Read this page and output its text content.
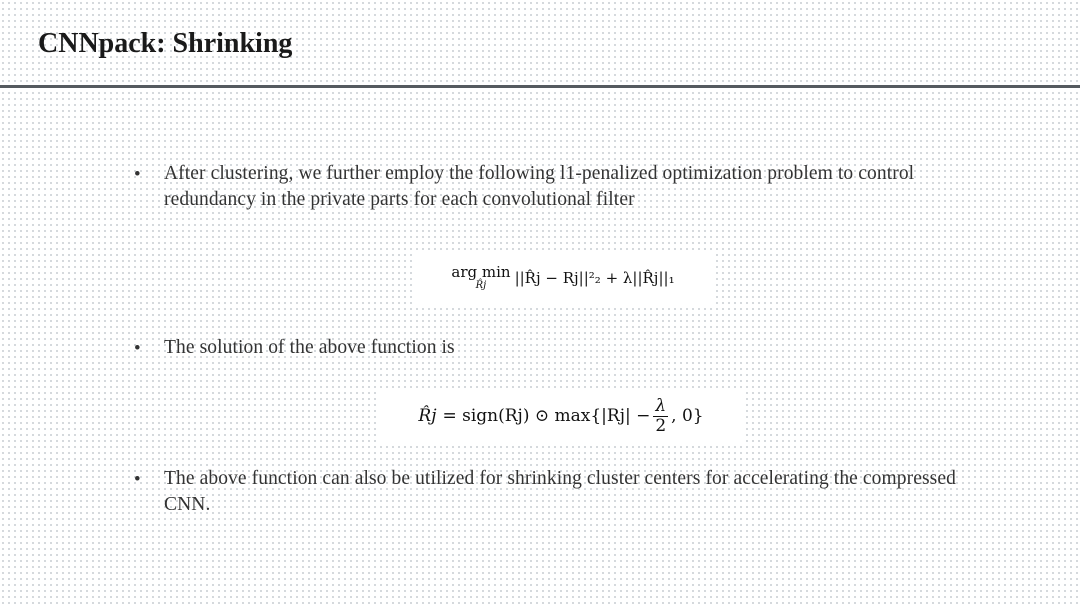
CNNpack: Shrinking
• After clustering, we further employ the following l1-penalized optimization problem to control redundancy in the private parts for each convolutional filter
arg min
R̂j ||R̂j − Rj||²₂ + λ||R̂j||₁
• The solution of the above function is
R̂j = sign(Rj) ⊙ $\max\{|Rj| - \frac{\lambda}{2}$ , 0}
• The above function can also be utilized for shrinking cluster centers for accelerating the compressed CNN.
